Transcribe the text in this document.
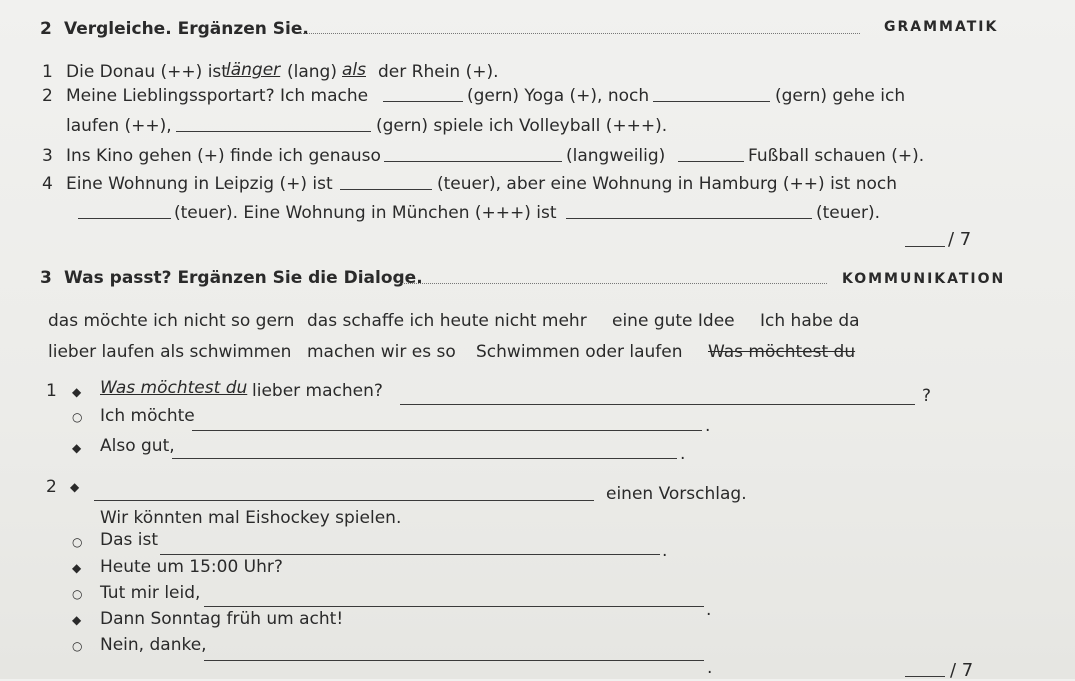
2 Vergleiche. Ergänzen Sie.	GRAMMATIK
1 Die Donau (++) ist
länger (lang) als der Rhein (+).
2 Meine Lieblingssportart? Ich mache	(gern) Yoga (+), noch	(gern) gehe ich
laufen (++),	(gern) spiele ich Volleyball (+++).
3 Ins Kino gehen (+) finde ich genauso	(langweilig)	Fußball schauen (+).
4 Eine Wohnung in Leipzig (+) ist	(teuer), aber eine Wohnung in Hamburg (++) ist noch
(teuer). Eine Wohnung in München (+++) ist	(teuer).
/ 7
3 Was passt? Ergänzen Sie die Dialoge.	KOMMUNIKATION
das möchte ich nicht so gern das schaffe ich heute nicht mehr eine gute Idee Ich habe da
lieber laufen als schwimmen machen wir es so Schwimmen oder laufen Was möchtest du
1 ◆ Was möchtest du lieber machen?	?
○ Ich möchte	.
◆ Also gut,	.
2 ◆	einen Vorschlag.
Wir könnten mal Eishockey spielen.
○ Das ist
.
◆ Heute um 15:00 Uhr?
○ Tut mir leid,
◆ Dann Sonntag früh um acht!	.
○ Nein, danke,
.	/ 7
